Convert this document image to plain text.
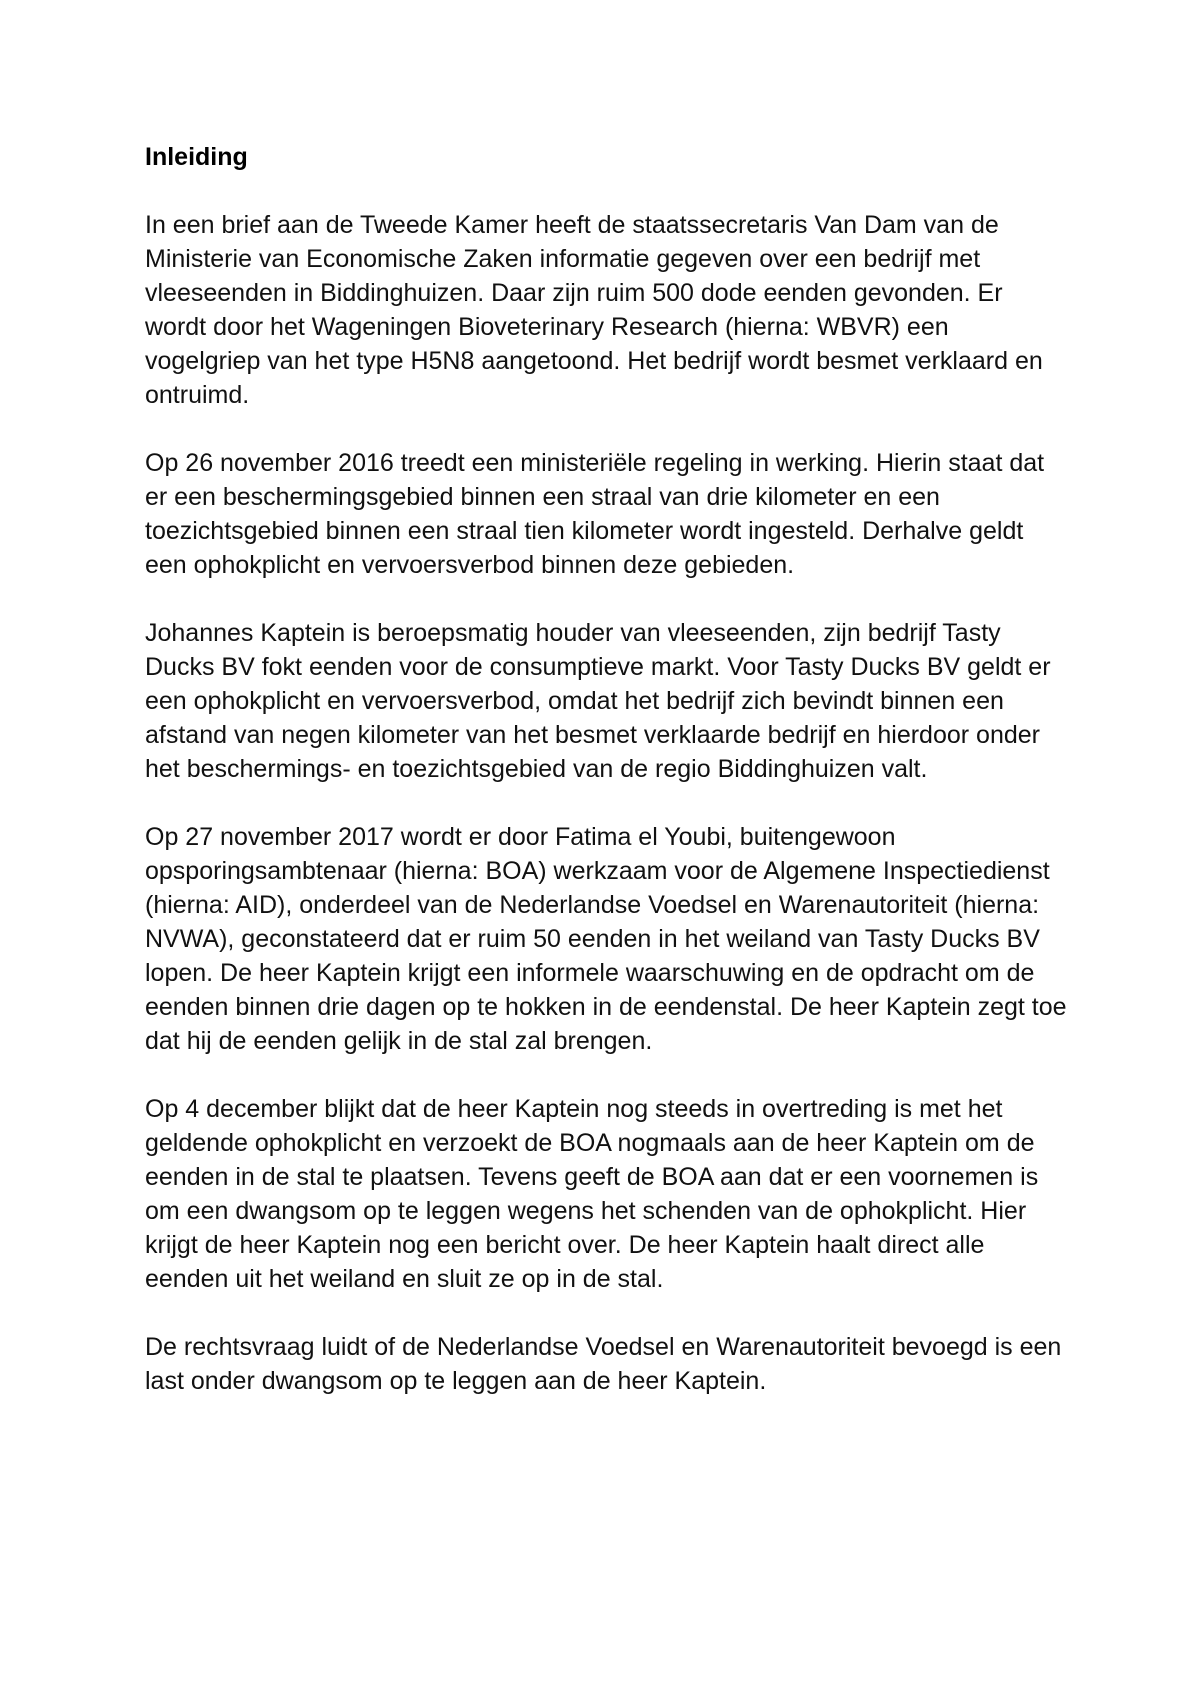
Inleiding

In een brief aan de Tweede Kamer heeft de staatssecretaris Van Dam van de Ministerie van Economische Zaken informatie gegeven over een bedrijf met vleeseenden in Biddinghuizen. Daar zijn ruim 500 dode eenden gevonden. Er wordt door het Wageningen Bioveterinary Research (hierna: WBVR) een vogelgriep van het type H5N8 aangetoond. Het bedrijf wordt besmet verklaard en ontruimd.

Op 26 november 2016 treedt een ministeriële regeling in werking. Hierin staat dat er een beschermingsgebied binnen een straal van drie kilometer en een toezichtsgebied binnen een straal tien kilometer wordt ingesteld. Derhalve geldt een ophokplicht en vervoersverbod binnen deze gebieden.

Johannes Kaptein is beroepsmatig houder van vleeseenden, zijn bedrijf Tasty Ducks BV fokt eenden voor de consumptieve markt. Voor Tasty Ducks BV geldt er een ophokplicht en vervoersverbod, omdat het bedrijf zich bevindt binnen een afstand van negen kilometer van het besmet verklaarde bedrijf en hierdoor onder het beschermings- en toezichtsgebied van de regio Biddinghuizen valt.

Op 27 november 2017 wordt er door Fatima el Youbi, buitengewoon opsporingsambtenaar (hierna: BOA) werkzaam voor de Algemene Inspectiedienst (hierna: AID), onderdeel van de Nederlandse Voedsel en Warenautoriteit (hierna: NVWA), geconstateerd dat er ruim 50 eenden in het weiland van Tasty Ducks BV lopen. De heer Kaptein krijgt een informele waarschuwing en de opdracht om de eenden binnen drie dagen op te hokken in de eendenstal. De heer Kaptein zegt toe dat hij de eenden gelijk in de stal zal brengen.

Op 4 december blijkt dat de heer Kaptein nog steeds in overtreding is met het geldende ophokplicht en verzoekt de BOA nogmaals aan de heer Kaptein om de eenden in de stal te plaatsen. Tevens geeft de BOA aan dat er een voornemen is om een dwangsom op te leggen wegens het schenden van de ophokplicht. Hier krijgt de heer Kaptein nog een bericht over. De heer Kaptein haalt direct alle eenden uit het weiland en sluit ze op in de stal.

De rechtsvraag luidt of de Nederlandse Voedsel en Warenautoriteit bevoegd is een last onder dwangsom op te leggen aan de heer Kaptein.
